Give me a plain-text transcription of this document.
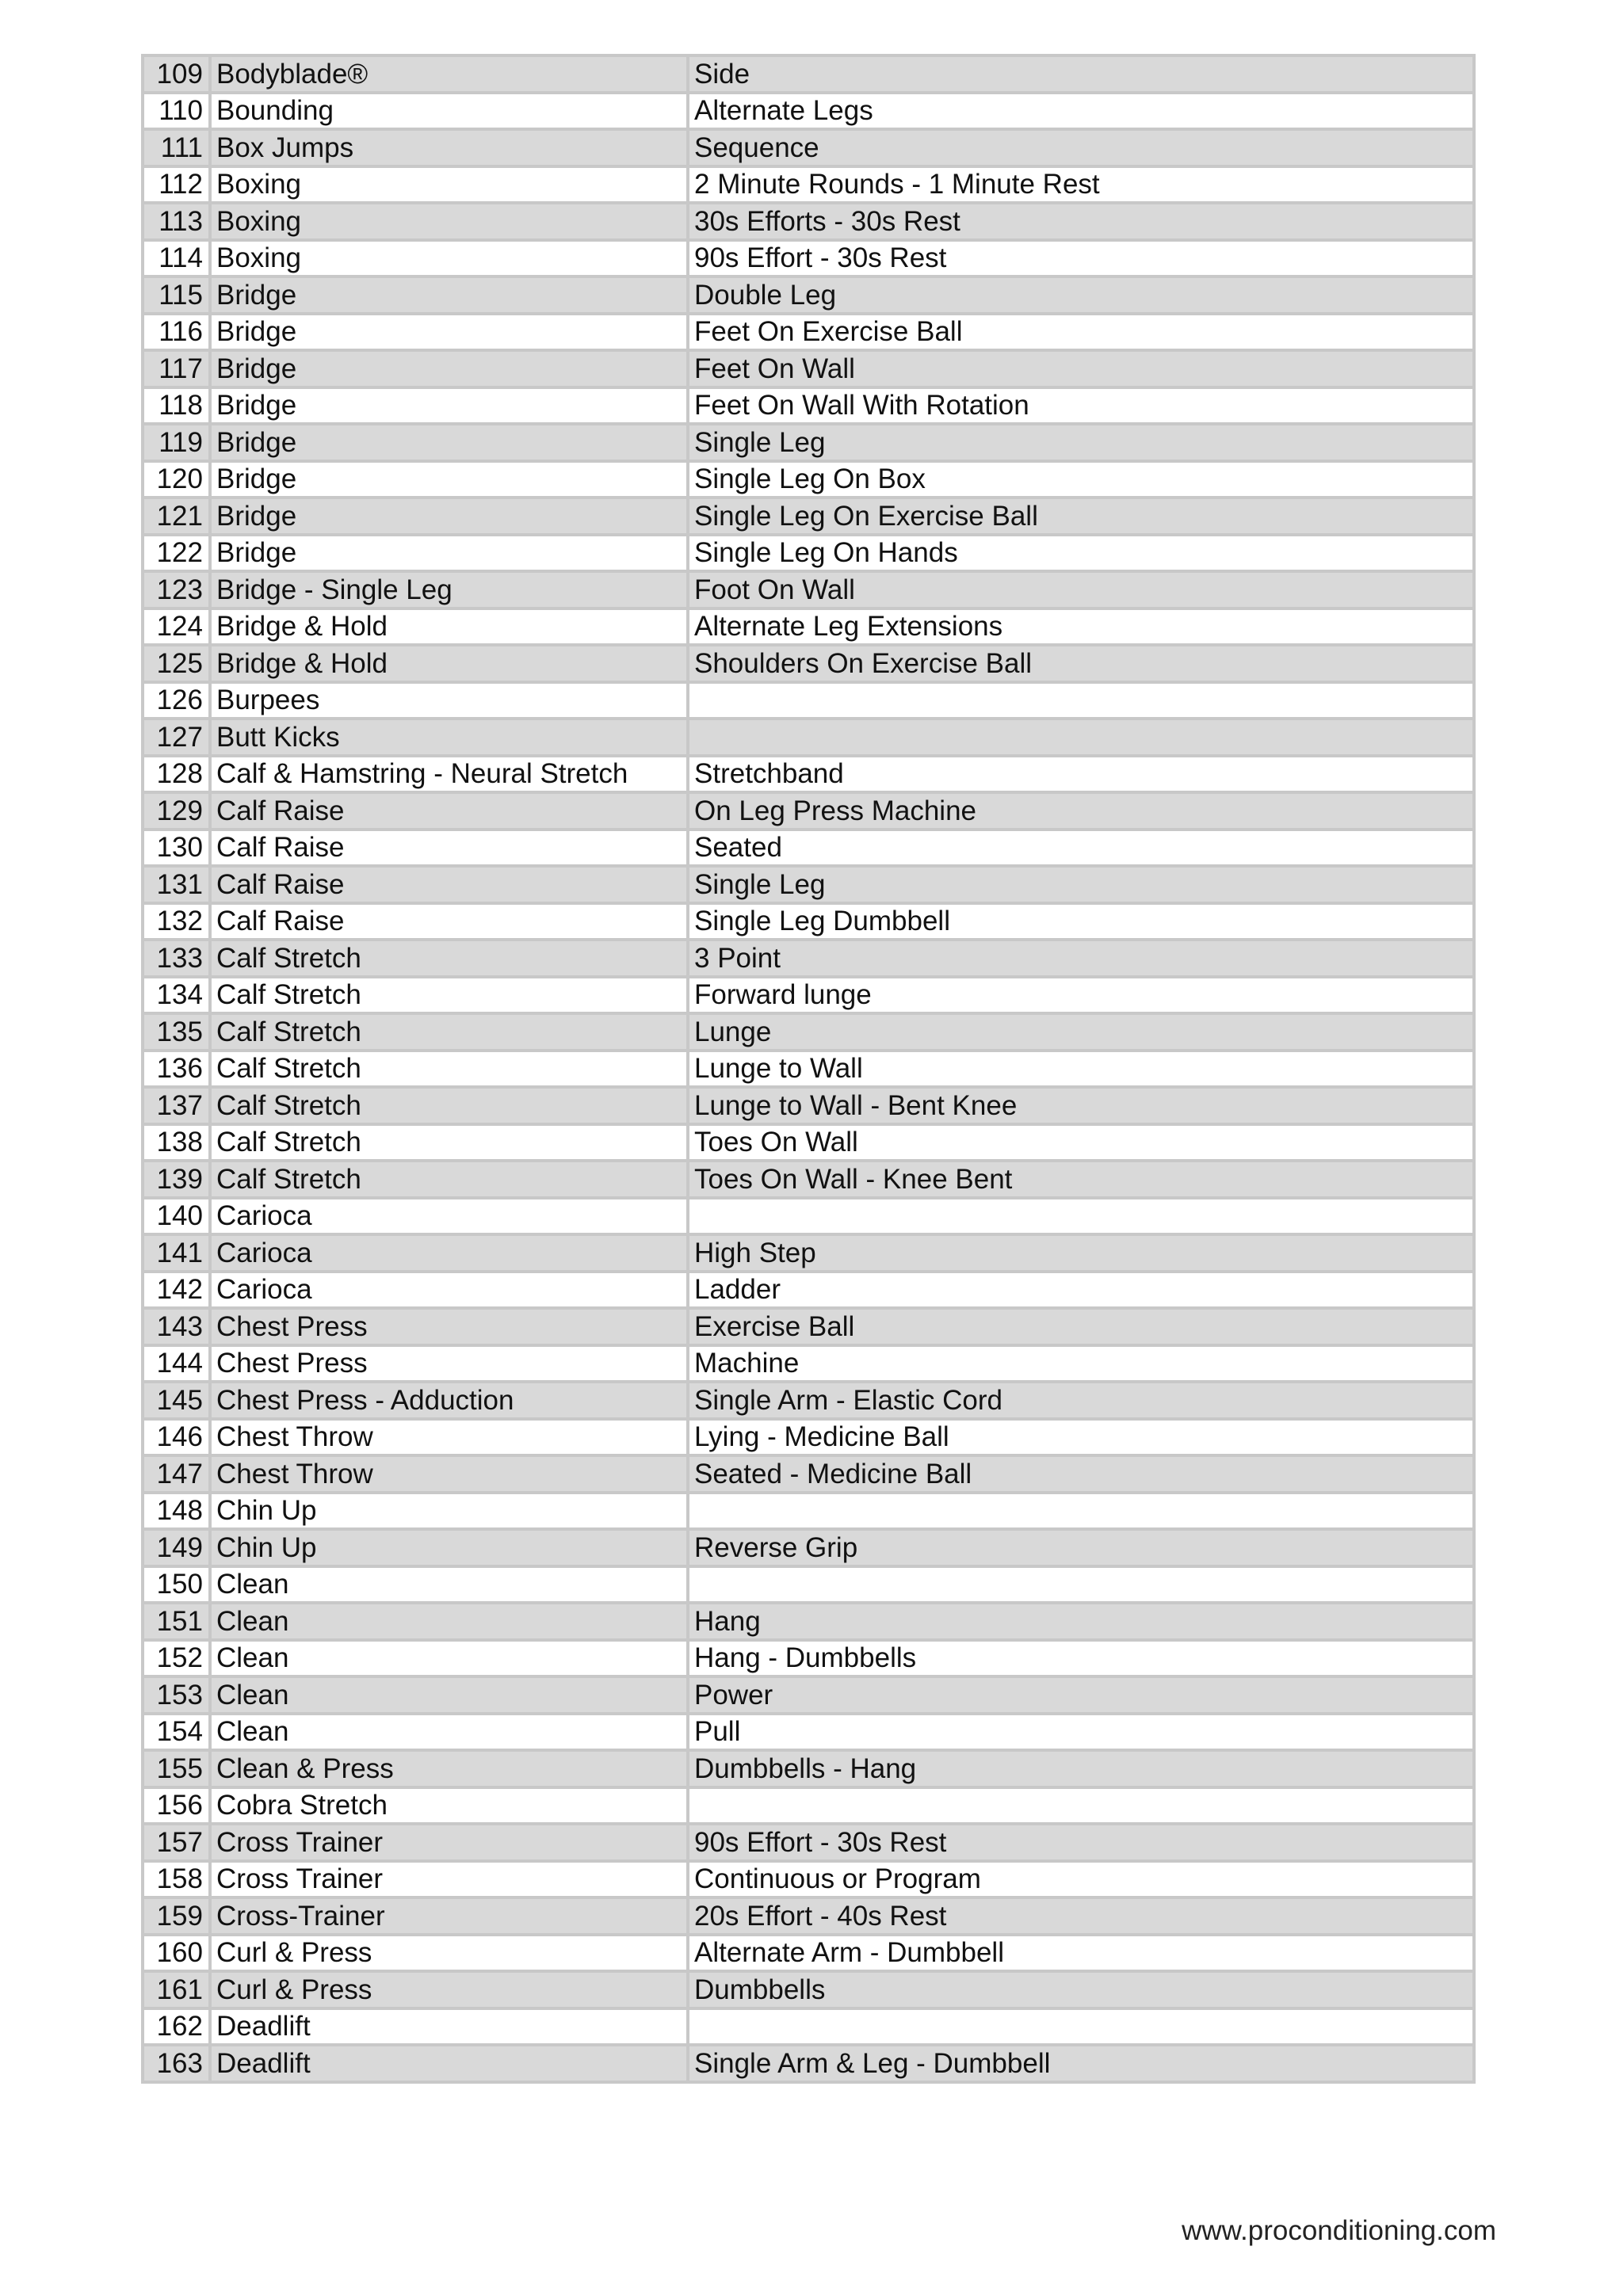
109	Bodyblade®	Side
110	Bounding	Alternate Legs
111	Box Jumps	Sequence
112	Boxing	2 Minute Rounds - 1 Minute Rest
113	Boxing	30s Efforts - 30s Rest
114	Boxing	90s Effort - 30s Rest
115	Bridge	Double Leg
116	Bridge	Feet On Exercise Ball
117	Bridge	Feet On Wall
118	Bridge	Feet On Wall With Rotation
119	Bridge	Single Leg
120	Bridge	Single Leg On Box
121	Bridge	Single Leg On Exercise Ball
122	Bridge	Single Leg On Hands
123	Bridge - Single Leg	Foot On Wall
124	Bridge & Hold	Alternate Leg Extensions
125	Bridge & Hold	Shoulders On Exercise Ball
126	Burpees	
127	Butt Kicks	
128	Calf & Hamstring - Neural Stretch	Stretchband
129	Calf Raise	On Leg Press Machine
130	Calf Raise	Seated
131	Calf Raise	Single Leg
132	Calf Raise	Single Leg Dumbbell
133	Calf Stretch	3 Point
134	Calf Stretch	Forward lunge
135	Calf Stretch	Lunge
136	Calf Stretch	Lunge to Wall
137	Calf Stretch	Lunge to Wall - Bent Knee
138	Calf Stretch	Toes On Wall
139	Calf Stretch	Toes On Wall - Knee Bent
140	Carioca	
141	Carioca	High Step
142	Carioca	Ladder
143	Chest Press	Exercise Ball
144	Chest Press	Machine
145	Chest Press - Adduction	Single Arm - Elastic Cord
146	Chest Throw	Lying - Medicine Ball
147	Chest Throw	Seated - Medicine Ball
148	Chin Up	
149	Chin Up	Reverse Grip
150	Clean	
151	Clean	Hang
152	Clean	Hang - Dumbbells
153	Clean	Power
154	Clean	Pull
155	Clean & Press	Dumbbells - Hang
156	Cobra Stretch	
157	Cross Trainer	90s Effort - 30s Rest
158	Cross Trainer	Continuous or Program
159	Cross-Trainer	20s Effort - 40s Rest
160	Curl & Press	Alternate Arm - Dumbbell
161	Curl & Press	Dumbbells
162	Deadlift	
163	Deadlift	Single Arm & Leg - Dumbbell
www.proconditioning.com
